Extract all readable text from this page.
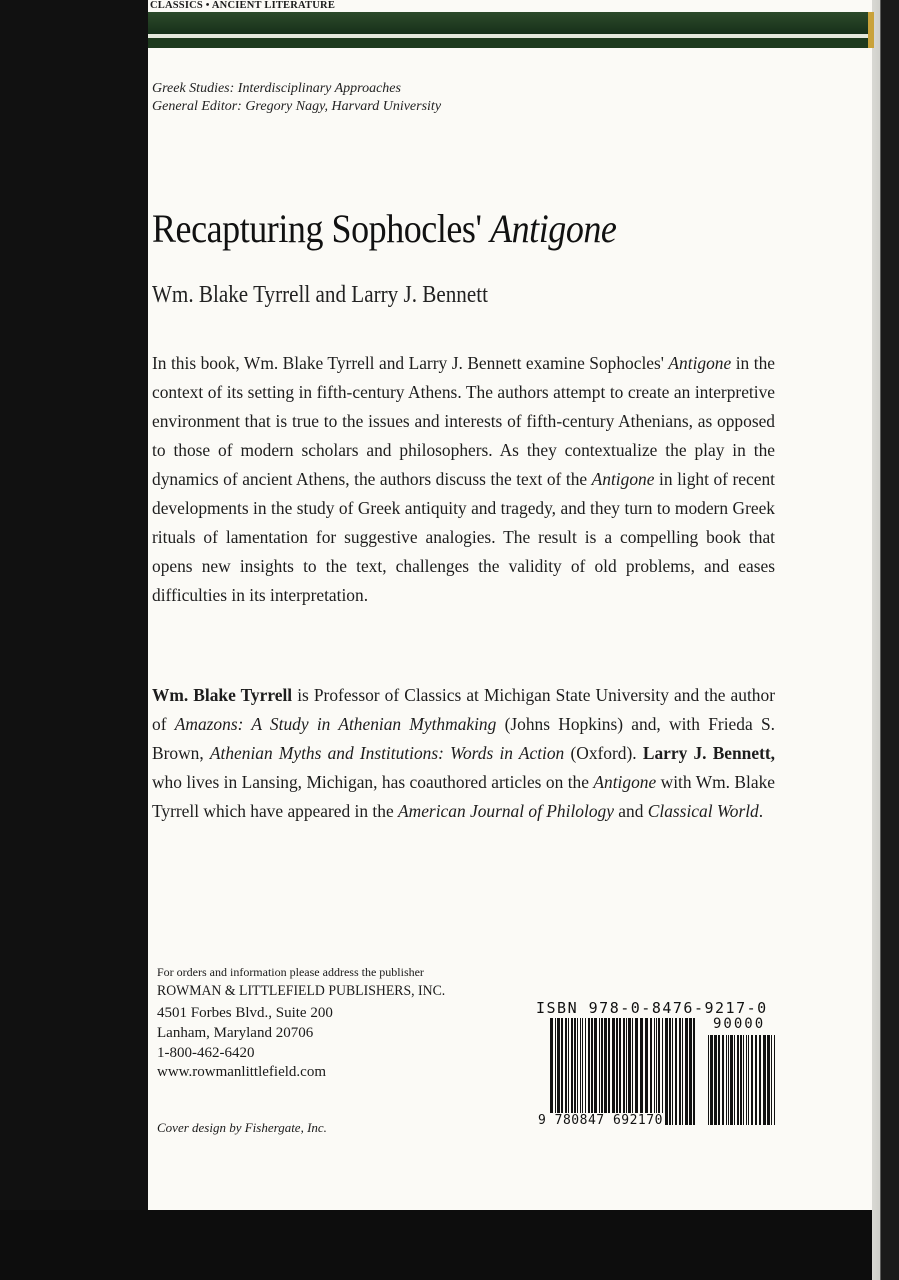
CLASSICS • ANCIENT LITERATURE
Greek Studies: Interdisciplinary Approaches
General Editor: Gregory Nagy, Harvard University
Recapturing Sophocles' Antigone
Wm. Blake Tyrrell and Larry J. Bennett
In this book, Wm. Blake Tyrrell and Larry J. Bennett examine Sophocles' Antigone in the context of its setting in fifth-century Athens. The authors attempt to create an interpretive environment that is true to the issues and interests of fifth-century Athenians, as opposed to those of modern scholars and philosophers. As they contextualize the play in the dynamics of ancient Athens, the authors discuss the text of the Antigone in light of recent developments in the study of Greek antiquity and tragedy, and they turn to modern Greek rituals of lamentation for suggestive analogies. The result is a compelling book that opens new insights to the text, challenges the validity of old problems, and eases difficulties in its interpretation.
Wm. Blake Tyrrell is Professor of Classics at Michigan State University and the author of Amazons: A Study in Athenian Mythmaking (Johns Hopkins) and, with Frieda S. Brown, Athenian Myths and Institutions: Words in Action (Oxford). Larry J. Bennett, who lives in Lansing, Michigan, has coauthored articles on the Antigone with Wm. Blake Tyrrell which have appeared in the American Journal of Philology and Classical World.
For orders and information please address the publisher
ROWMAN & LITTLEFIELD PUBLISHERS, INC.
4501 Forbes Blvd., Suite 200
Lanham, Maryland 20706
1-800-462-6420
www.rowmanlittlefield.com
Cover design by Fishergate, Inc.
ISBN 978-0-8476-9217-0
90000
9 780847 692170
